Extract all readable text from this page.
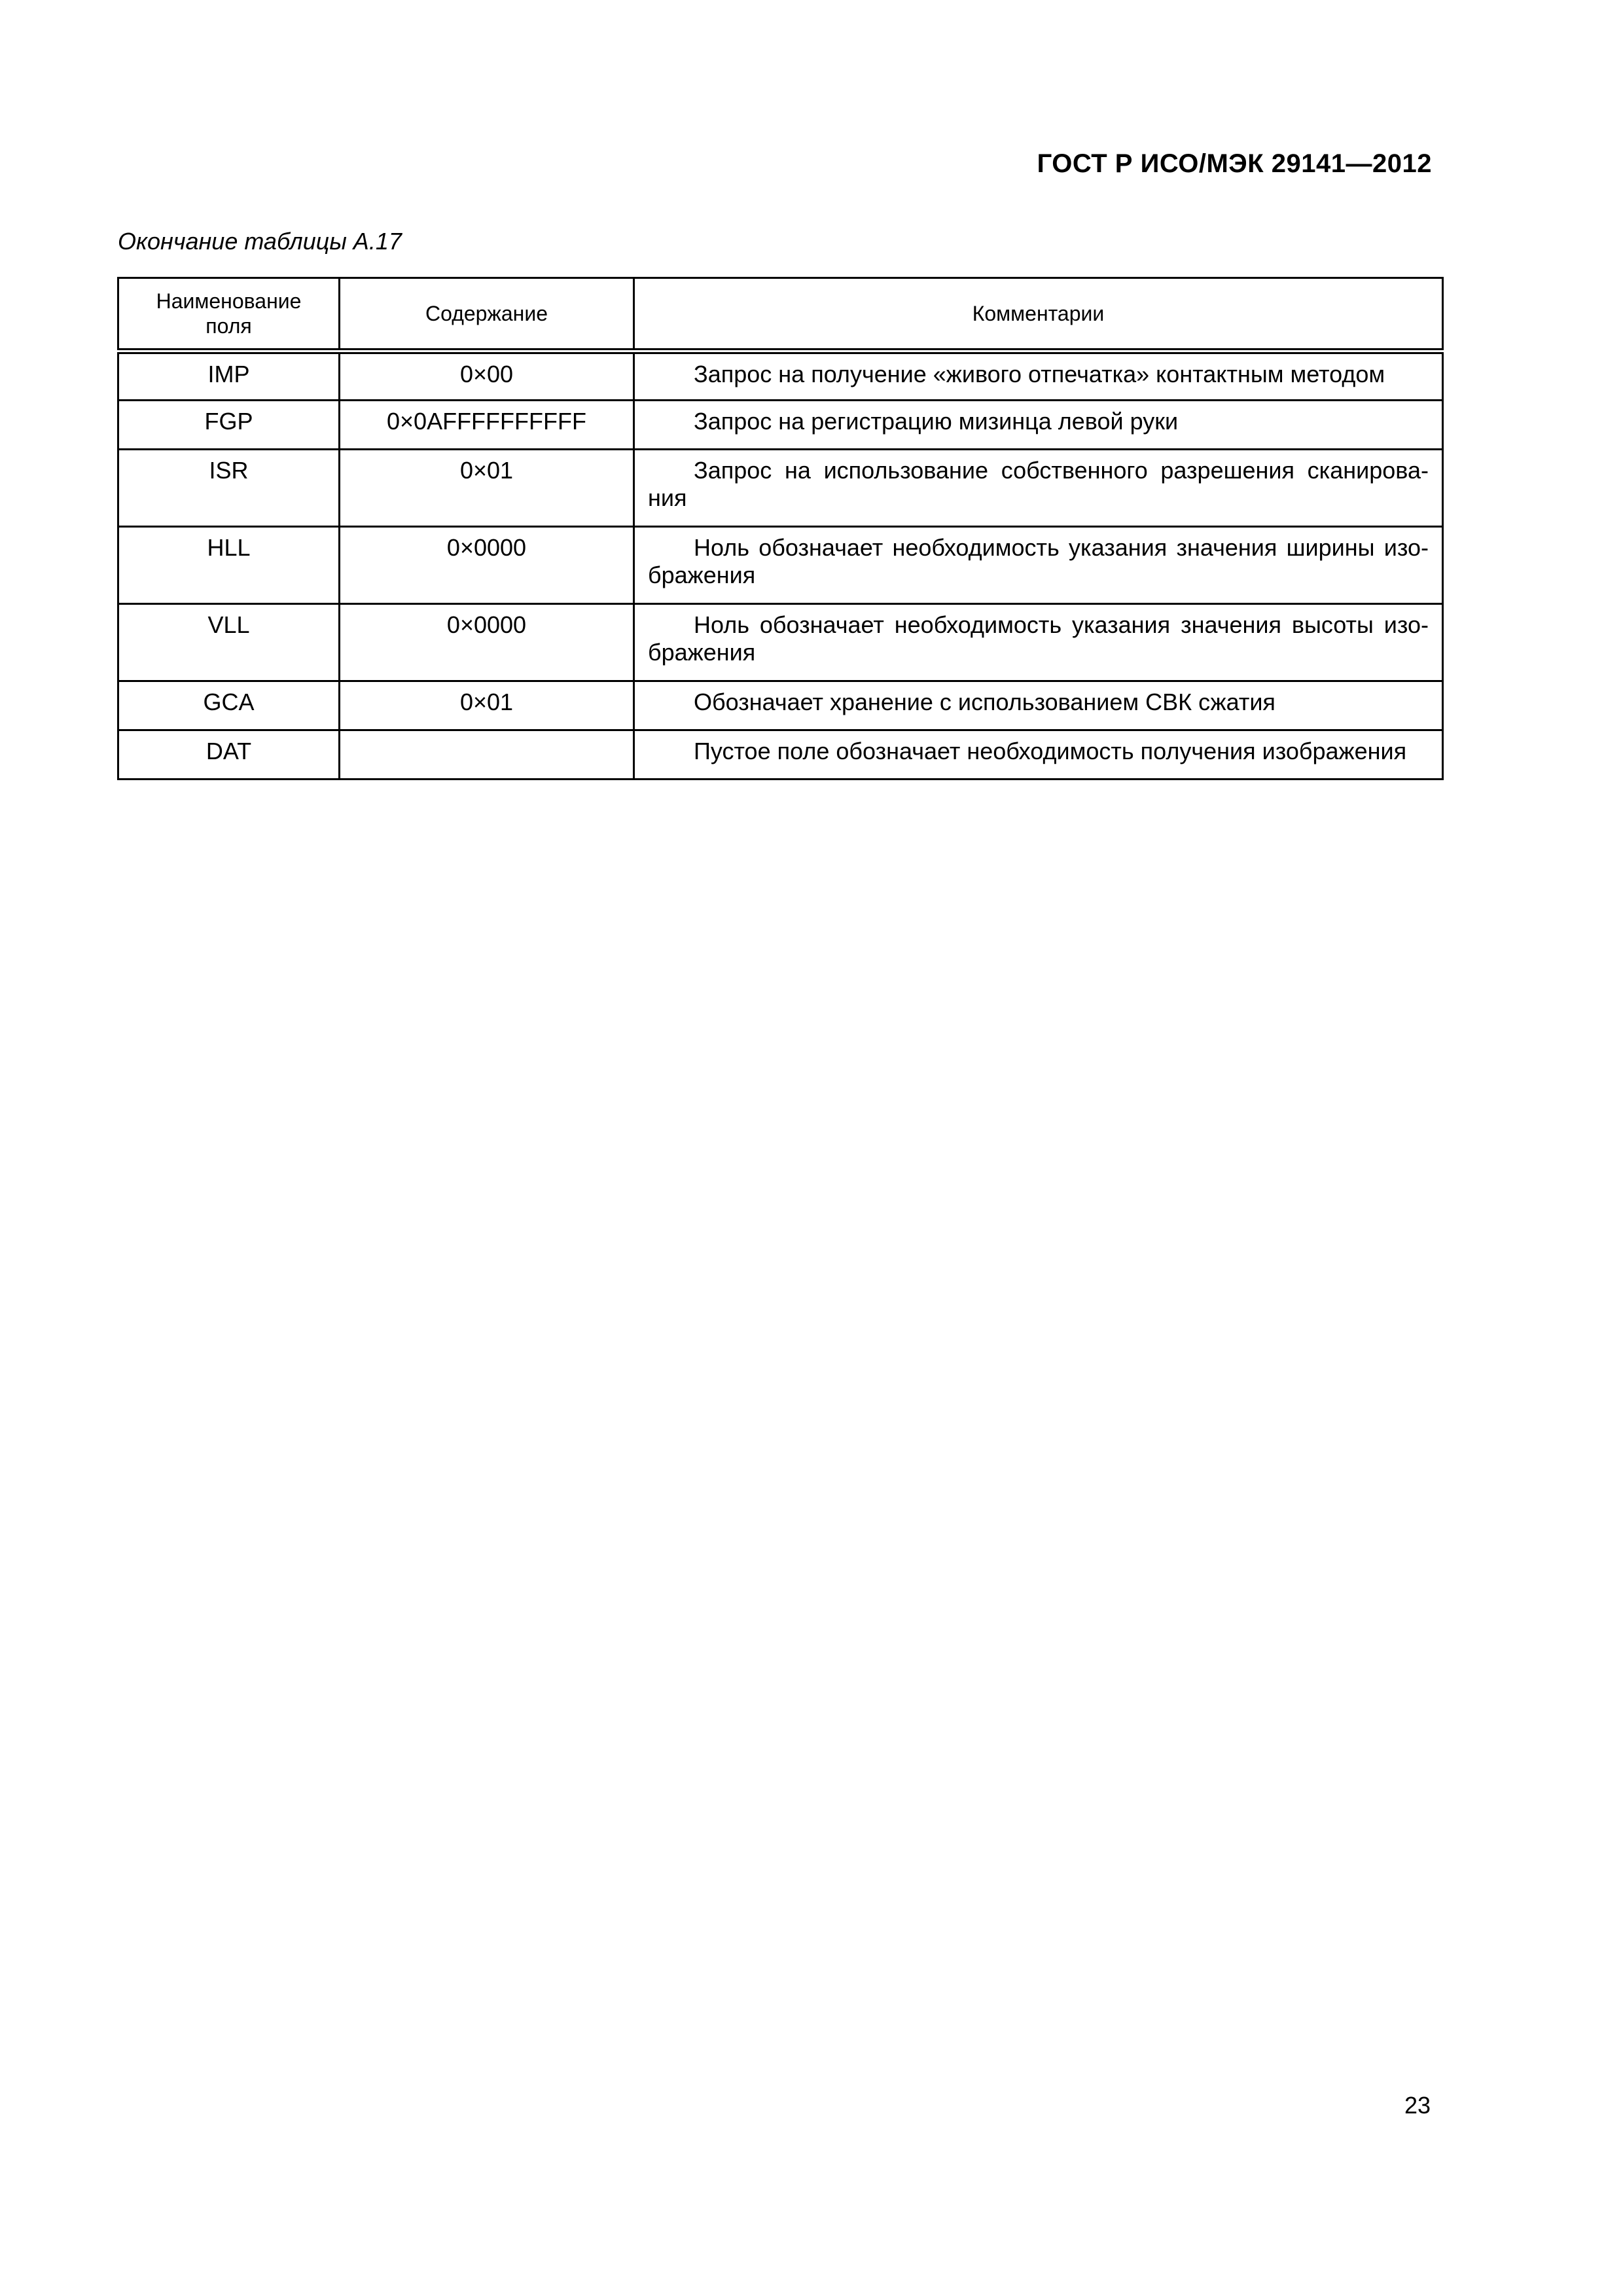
ГОСТ Р ИСО/МЭК 29141—2012
Окончание таблицы А.17
Наименование
поля	Содержание	Комментарии
IMP	0×00	Запрос на получение «живого отпечатка» контактным методом
FGP	0×0AFFFFFFFFFF	Запрос на регистрацию мизинца левой руки
ISR	0×01	Запрос на использование собственного разрешения сканирова-ния
HLL	0×0000	Ноль обозначает необходимость указания значения ширины изо-бражения
VLL	0×0000	Ноль обозначает необходимость указания значения высоты изо-бражения
GCA	0×01	Обозначает хранение с использованием СВК сжатия
DAT		Пустое поле обозначает необходимость получения изображения
23
